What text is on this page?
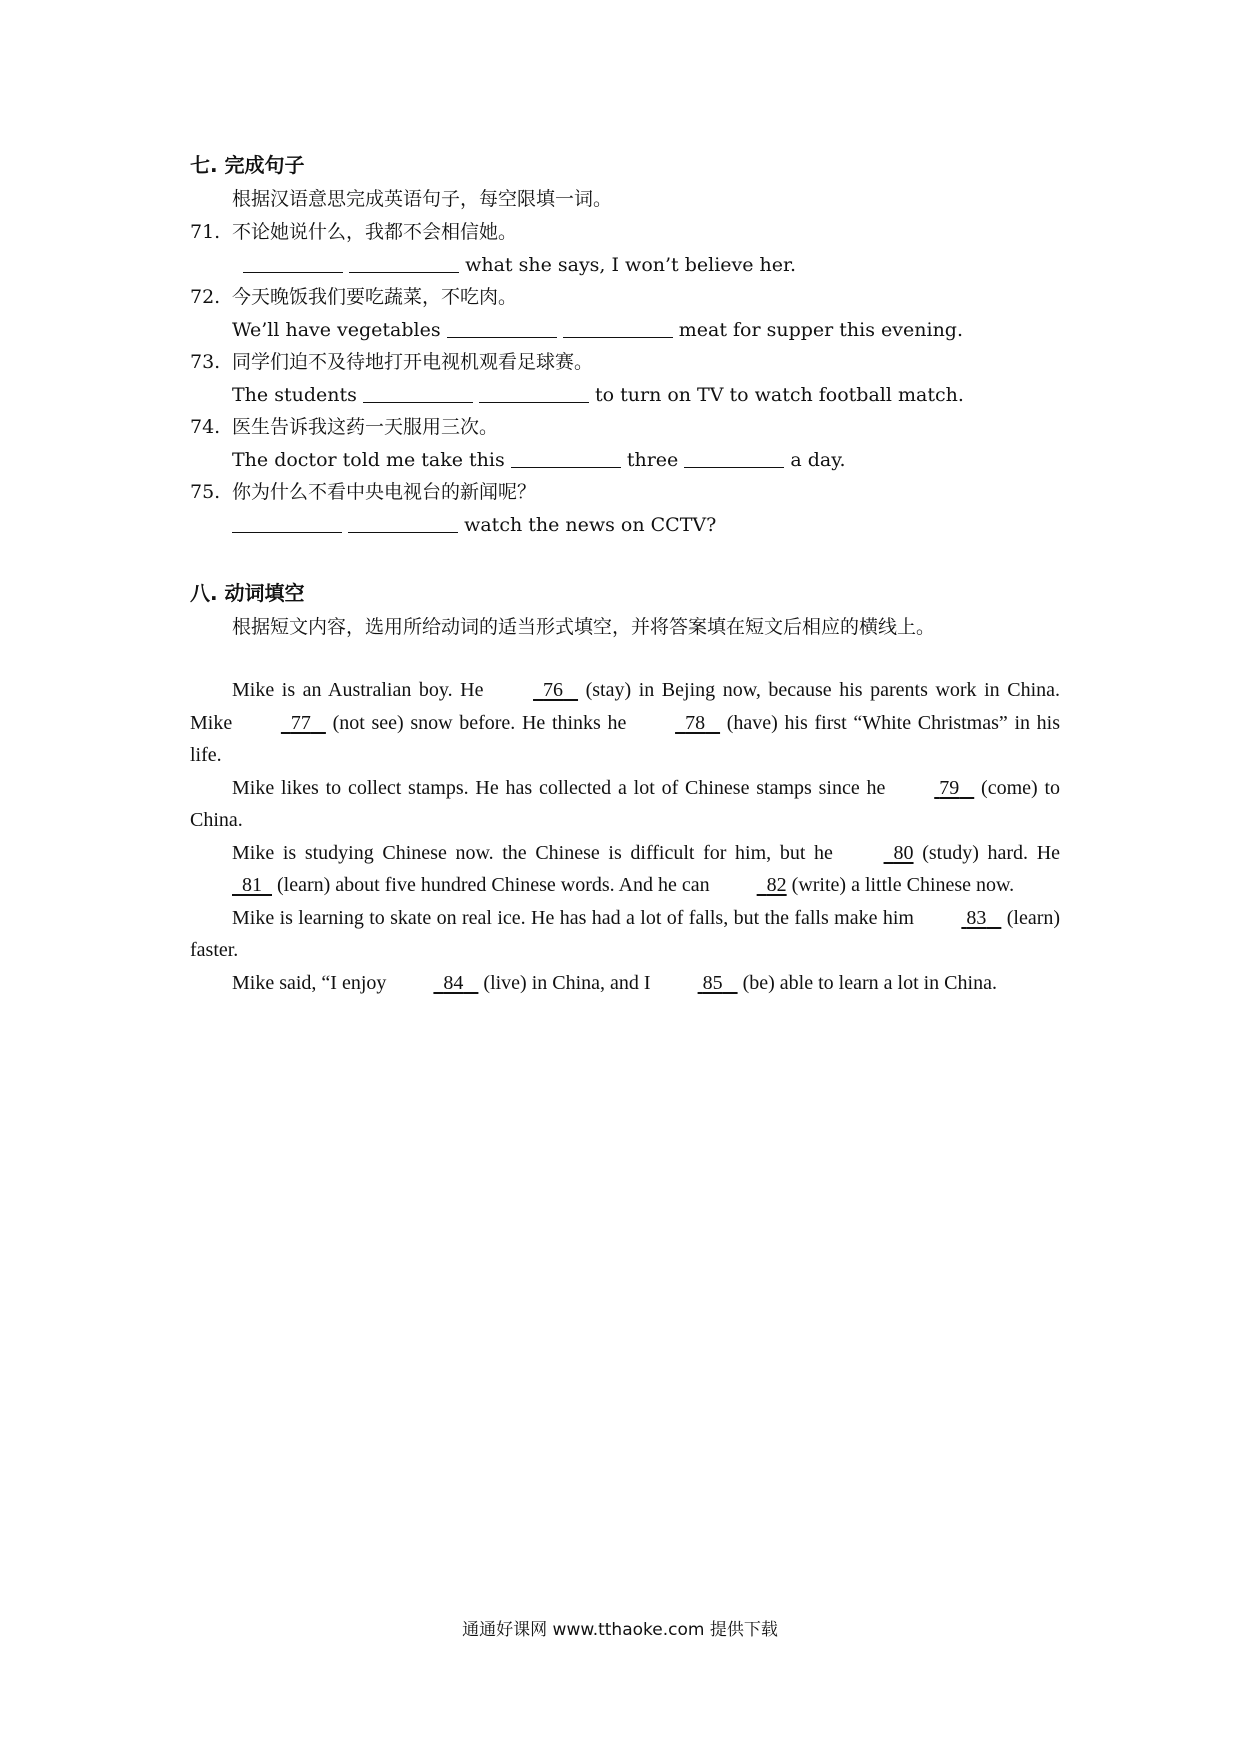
七. 完成句子
根据汉语意思完成英语句子，每空限填一词。
71. 不论她说什么，我都不会相信她。
what she says, I won’t believe her.
72. 今天晚饭我们要吃蔬菜，不吃肉。
We’ll have vegetables	meat for supper this evening.
73. 同学们迫不及待地打开电视机观看足球赛。
The students	to turn on TV to watch football match.
74. 医生告诉我这药一天服用三次。
The doctor told me take this	three	a day.
75. 你为什么不看中央电视台的新闻呢？
watch the news on CCTV?
八. 动词填空
根据短文内容，选用所给动词的适当形式填空，并将答案填在短文后相应的横线上。

Mike is an Australian boy. He	76 (stay) in Bejing now, because his parents work in China. Mike	77 (not see) snow before. He thinks he	78 (have) his first “White Christmas” in his life.

Mike likes to collect stamps. He has collected a lot of Chinese stamps since he	79 (come) to China.

Mike is studying Chinese now. the Chinese is difficult for him, but he	80 (study) hard. He   81 (learn) about five hundred Chinese words. And he can	82 (write) a little Chinese now.

Mike is learning to skate on real ice. He has had a lot of falls, but the falls make him	83 (learn) faster.

Mike said, “I enjoy	84 (live) in China, and I	85 (be) able to learn a lot in China.

通通好课网 www.tthaoke.com 提供下载
